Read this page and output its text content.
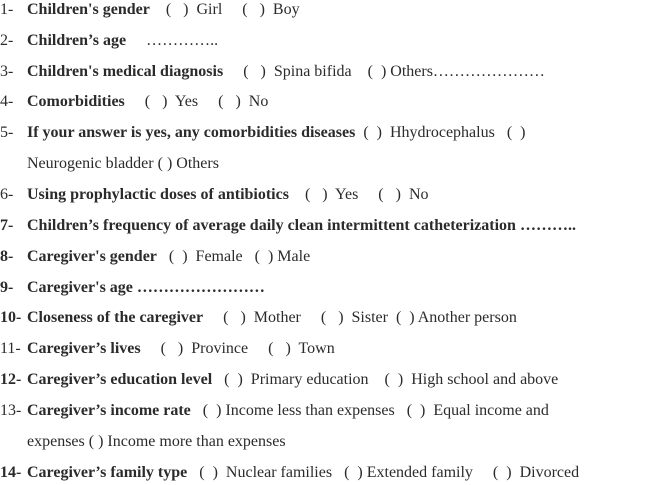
1- Children's gender    (   )  Girl     (   )  Boy
2- Children’s age     …………..
3- Children's medical diagnosis     (   )  Spina bifida    (  ) Others…………………
4- Comorbidities     (   )  Yes     (   )  No
5- If your answer is yes, any comorbidities diseases  (  )  Hhydrocephalus   (  )
Neurogenic bladder ( ) Others
6- Using prophylactic doses of antibiotics    (   )  Yes     (   )  No
7- Children’s frequency of average daily clean intermittent catheterization ………..
8- Caregiver's gender   (  )  Female   (  ) Male
9- Caregiver's age ……………………
10- Closeness of the caregiver     (   )  Mother     (   )  Sister  (  ) Another person
11- Caregiver’s lives     (   )  Province     (   )  Town
12- Caregiver’s education level   (  )  Primary education    (  )  High school and above
13- Caregiver’s income rate   (  ) Income less than expenses   (  )  Equal income and
expenses ( ) Income more than expenses
14- Caregiver’s family type   (  )  Nuclear families   (  ) Extended family     (  )  Divorced
